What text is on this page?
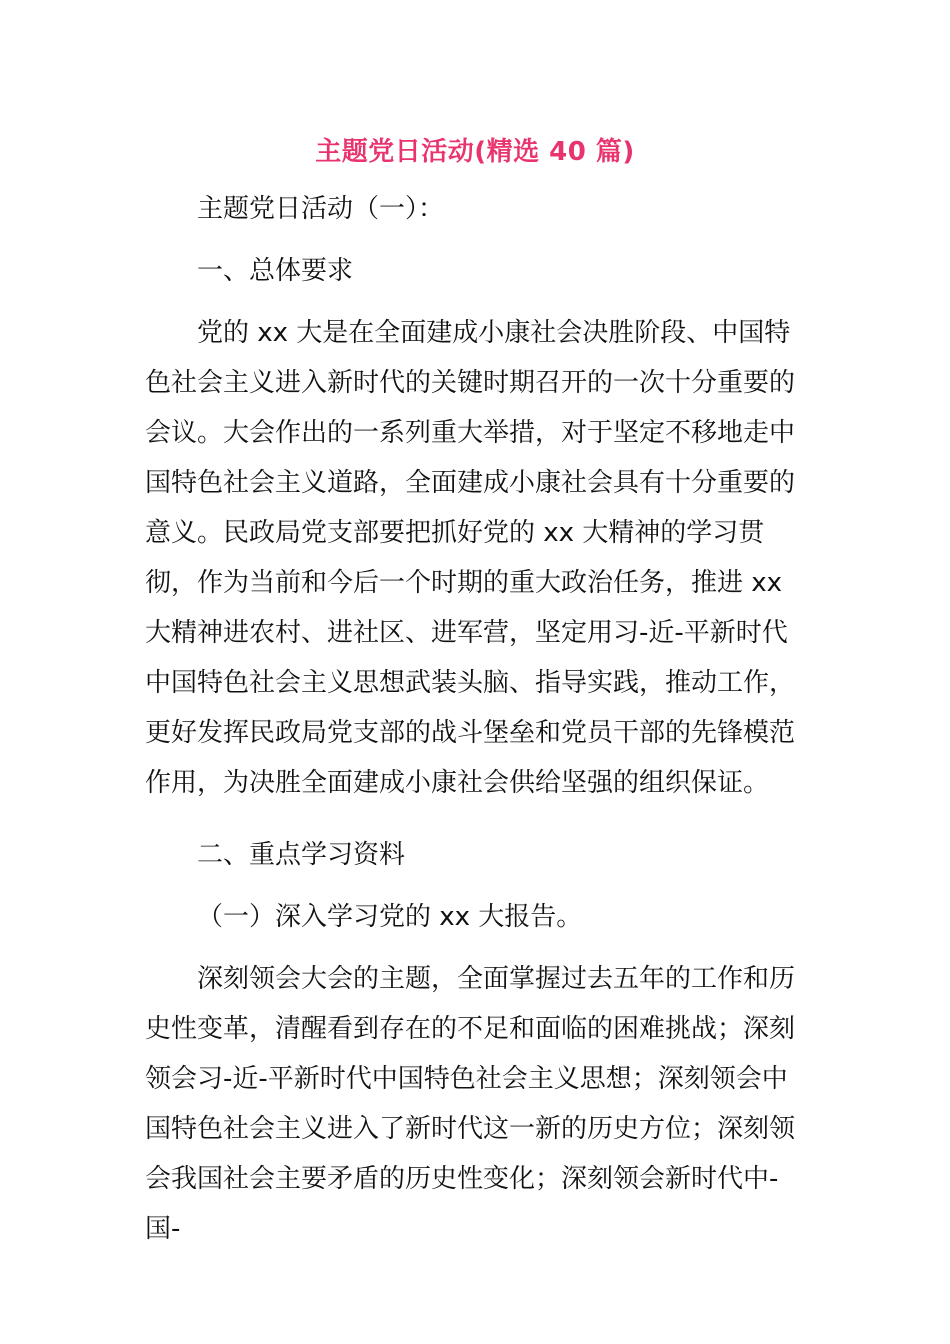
主题党日活动(精选 40 篇)

主题党日活动（一）：

一、总体要求

党的 xx 大是在全面建成小康社会决胜阶段、中国特色社会主义进入新时代的关键时期召开的一次十分重要的会议。大会作出的一系列重大举措，对于坚定不移地走中国特色社会主义道路，全面建成小康社会具有十分重要的意义。民政局党支部要把抓好党的 xx 大精神的学习贯彻，作为当前和今后一个时期的重大政治任务，推进 xx 大精神进农村、进社区、进军营，坚定用习-近-平新时代中国特色社会主义思想武装头脑、指导实践，推动工作，更好发挥民政局党支部的战斗堡垒和党员干部的先锋模范作用，为决胜全面建成小康社会供给坚强的组织保证。

二、重点学习资料

（一）深入学习党的 xx 大报告。

深刻领会大会的主题，全面掌握过去五年的工作和历史性变革，清醒看到存在的不足和面临的困难挑战；深刻领会习-近-平新时代中国特色社会主义思想；深刻领会中国特色社会主义进入了新时代这一新的历史方位；深刻领会我国社会主要矛盾的历史性变化；深刻领会新时代中-国-
